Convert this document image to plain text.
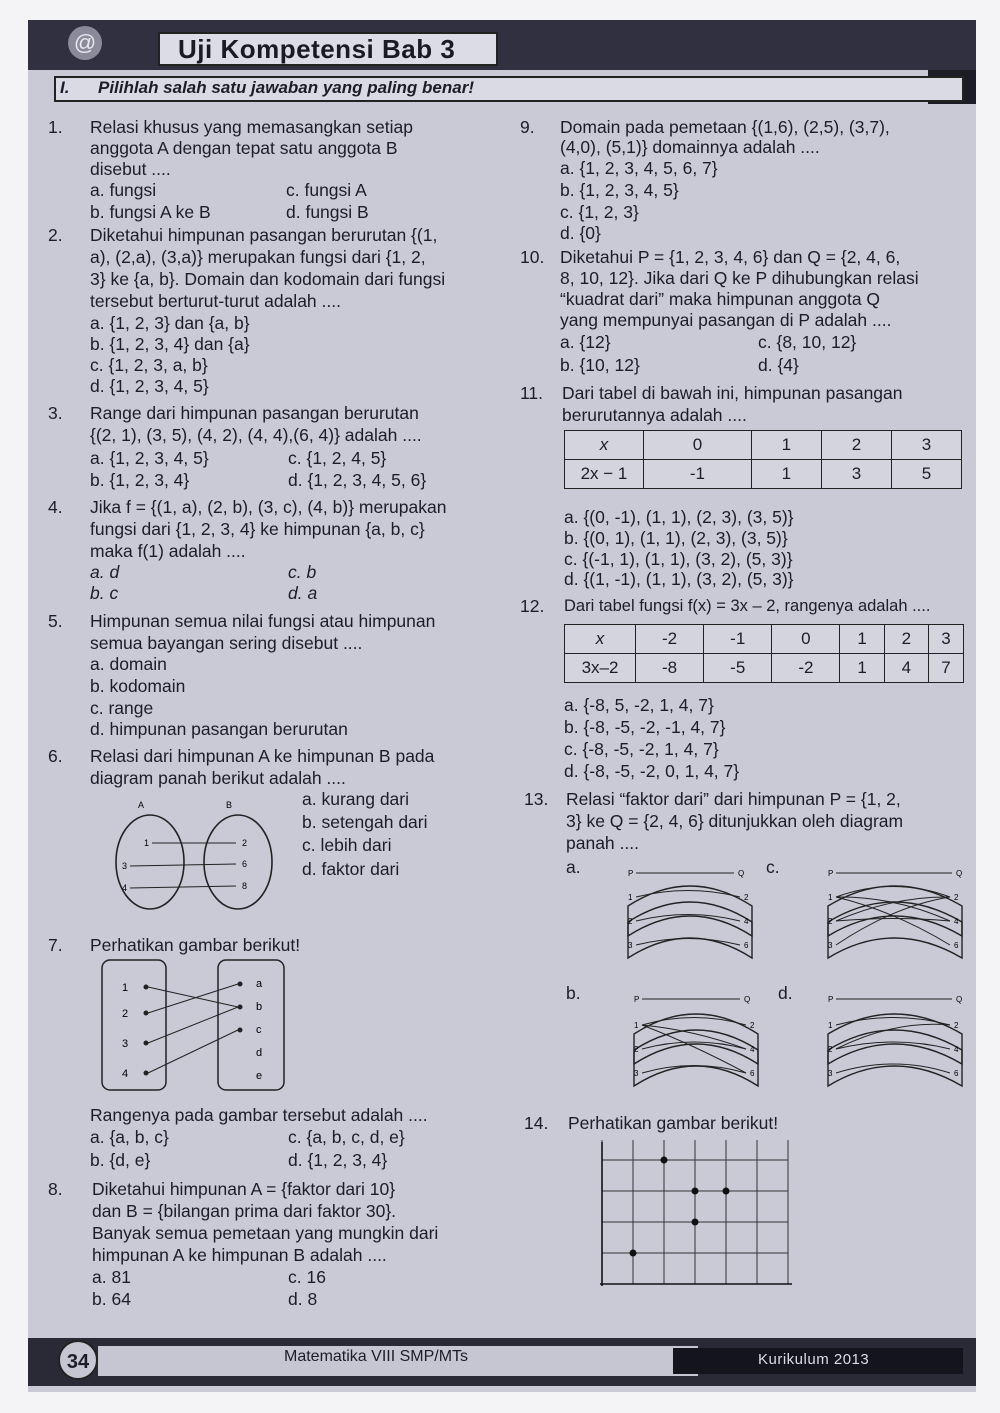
@	Uji Kompetensi Bab 3
I. Pilihlah salah satu jawaban yang paling benar!
1. Relasi khusus yang memasangkan setiap
anggota A dengan tepat satu anggota B
disebut ....
a. fungsi	c. fungsi A
b. fungsi A ke B	d. fungsi B
2. Diketahui himpunan pasangan berurutan {(1,
a), (2,a), (3,a)} merupakan fungsi dari {1, 2,
3} ke {a, b}. Domain dan kodomain dari fungsi
tersebut berturut-turut adalah ....
a. {1, 2, 3} dan {a, b}
b. {1, 2, 3, 4} dan {a}
c. {1, 2, 3, a, b}
d. {1, 2, 3, 4, 5}
3. Range dari himpunan pasangan berurutan
{(2, 1), (3, 5), (4, 2), (4, 4),(6, 4)} adalah ....
a. {1, 2, 3, 4, 5}	c. {1, 2, 4, 5}
b. {1, 2, 3, 4}	d. {1, 2, 3, 4, 5, 6}
4. Jika f = {(1, a), (2, b), (3, c), (4, b)} merupakan
fungsi dari {1, 2, 3, 4} ke himpunan {a, b, c}
maka f(1) adalah ....
a. d	c. b
b. c	d. a
5. Himpunan semua nilai fungsi atau himpunan
semua bayangan sering disebut ....
a. domain
b. kodomain
c. range
d. himpunan pasangan berurutan
6. Relasi dari himpunan A ke himpunan B pada
diagram panah berikut adalah ....
A	B
1
3
4
2
6
8
a. kurang dari
b. setengah dari
c. lebih dari
d. faktor dari
7. Perhatikan gambar berikut!
1
2
3
4
a
b
c
d
e
Rangenya pada gambar tersebut adalah ....
a. {a, b, c}	c. {a, b, c, d, e}
b. {d, e}	d. {1, 2, 3, 4}
8. Diketahui himpunan A = {faktor dari 10}
dan B = {bilangan prima dari faktor 30}.
Banyak semua pemetaan yang mungkin dari
himpunan A ke himpunan B adalah ....
a. 81	c. 16
b. 64	d. 8
9. Domain pada pemetaan {(1,6), (2,5), (3,7),
(4,0), (5,1)} domainnya adalah ....
a. {1, 2, 3, 4, 5, 6, 7}
b. {1, 2, 3, 4, 5}
c. {1, 2, 3}
d. {0}
10. Diketahui P = {1, 2, 3, 4, 6} dan Q = {2, 4, 6,
8, 10, 12}. Jika dari Q ke P dihubungkan relasi
“kuadrat dari” maka himpunan anggota Q
yang mempunyai pasangan di P adalah ....
a. {12}	c. {8, 10, 12}
b. {10, 12}	d. {4}
11. Dari tabel di bawah ini, himpunan pasangan
berurutannya adalah ....
x	0	1	2	3
2x − 1	-1	1	3	5
a. {(0, -1), (1, 1), (2, 3), (3, 5)}
b. {(0, 1), (1, 1), (2, 3), (3, 5)}
c. {(-1, 1), (1, 1), (3, 2), (5, 3)}
d. {(1, -1), (1, 1), (3, 2), (5, 3)}
12. Dari tabel fungsi f(x) = 3x – 2, rangenya adalah ....
x	-2	-1	0	1	2	3
3x–2	-8	-5	-2	1	4	7
a. {-8, 5, -2, 1, 4, 7}
b. {-8, -5, -2, -1, 4, 7}
c. {-8, -5, -2, 1, 4, 7}
d. {-8, -5, -2, 0, 1, 4, 7}
13. Relasi “faktor dari” dari himpunan P = {1, 2,
3} ke Q = {2, 4, 6} ditunjukkan oleh diagram
panah ....
a.	c.
b.	d.
P	Q
1
2
3
2
4
6
P	Q
1
2
3
2
4
6
P	Q
1
2
3
2
4
6
P	Q
1
2
3
2
4
6
14. Perhatikan gambar berikut!
34	Matematika VIII SMP/MTs	Kurikulum 2013
